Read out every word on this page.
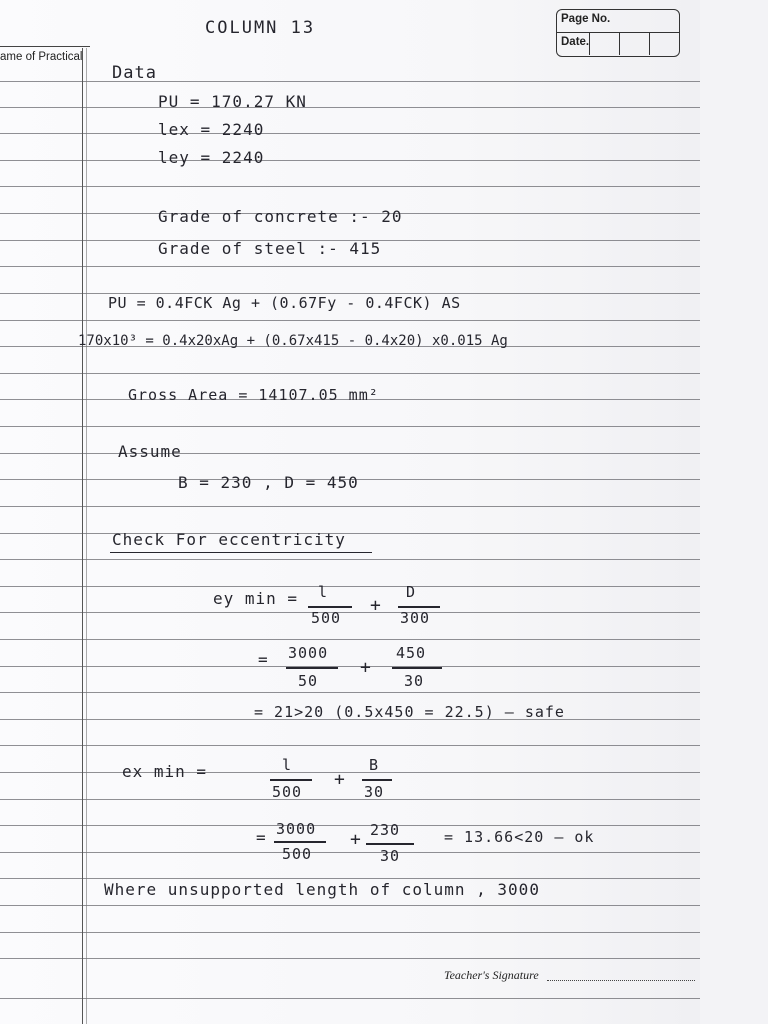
ame of Practical
Page No.
Date.
COLUMN 13
Data
PU = 170.27 KN
lex = 2240
ley = 2240
Grade of concrete :- 20
Grade of steel :- 415
PU = 0.4FCK Ag + (0.67Fy - 0.4FCK) AS
170x10³ = 0.4x20xAg + (0.67x415 - 0.4x20) x0.015 Ag
Gross Area = 14107.05 mm²
Assume
B = 230 , D = 450
Check For eccentricity
ey min = l
500
+
D
300
= 3000
50
+
450
30
= 21>20 (0.5x450 = 22.5) — safe
ex min =	l
500
+
B
30
= 3000
500
+ 230
30
= 13.66<20 — ok
Where unsupported length of column , 3000
Teacher's Signature
